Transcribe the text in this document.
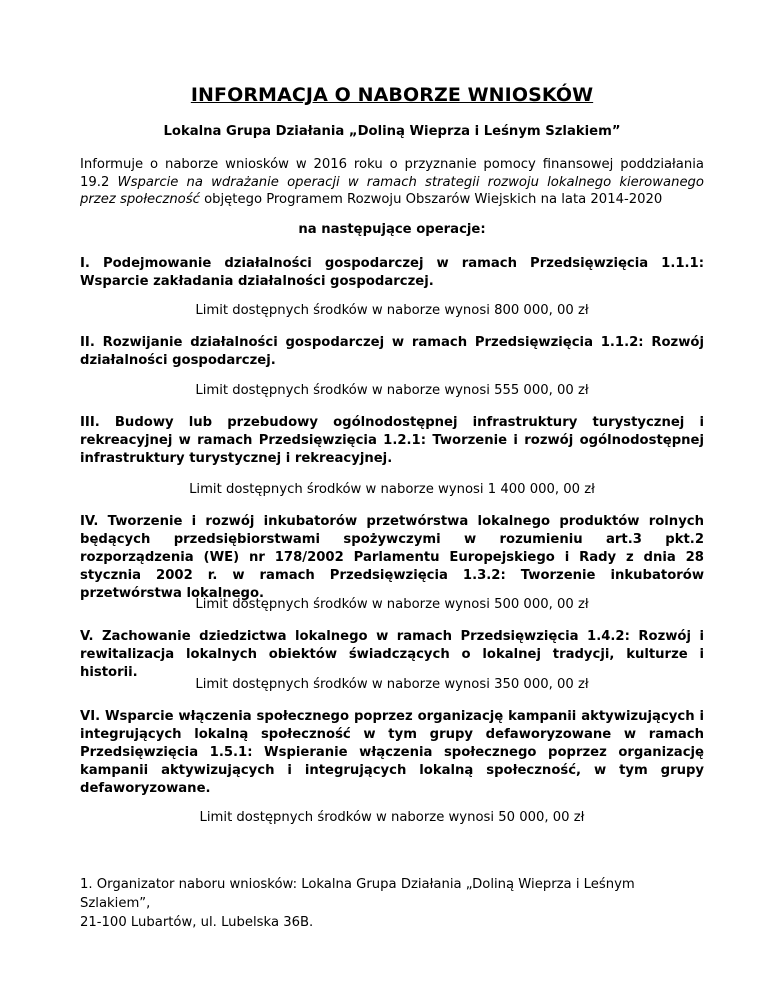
INFORMACJA O NABORZE WNIOSKÓW
Lokalna Grupa Działania „Doliną Wieprza i Leśnym Szlakiem”
Informuje o naborze wniosków w 2016 roku o przyznanie pomocy finansowej poddziałania 19.2 Wsparcie na wdrażanie operacji w ramach strategii rozwoju lokalnego kierowanego przez społeczność objętego Programem Rozwoju Obszarów Wiejskich na lata 2014-2020
na następujące operacje:
I. Podejmowanie działalności gospodarczej w ramach Przedsięwzięcia 1.1.1: Wsparcie zakładania działalności gospodarczej.
Limit dostępnych środków w naborze wynosi 800 000, 00 zł
II. Rozwijanie działalności gospodarczej w ramach Przedsięwzięcia 1.1.2: Rozwój działalności gospodarczej.
Limit dostępnych środków w naborze wynosi 555 000, 00 zł
III. Budowy lub przebudowy ogólnodostępnej infrastruktury turystycznej i rekreacyjnej w ramach Przedsięwzięcia 1.2.1: Tworzenie i rozwój ogólnodostępnej infrastruktury turystycznej i rekreacyjnej.
Limit dostępnych środków w naborze wynosi 1 400 000, 00 zł
IV. Tworzenie i rozwój inkubatorów przetwórstwa lokalnego produktów rolnych będących przedsiębiorstwami spożywczymi w rozumieniu art.3 pkt.2 rozporządzenia (WE) nr 178/2002 Parlamentu Europejskiego i Rady z dnia 28 stycznia 2002 r. w ramach Przedsięwzięcia 1.3.2: Tworzenie inkubatorów przetwórstwa lokalnego.
Limit dostępnych środków w naborze wynosi 500 000, 00 zł
V. Zachowanie dziedzictwa lokalnego w ramach Przedsięwzięcia 1.4.2: Rozwój i rewitalizacja lokalnych obiektów świadczących o lokalnej tradycji, kulturze i historii.
Limit dostępnych środków w naborze wynosi 350 000, 00 zł
VI. Wsparcie włączenia społecznego poprzez organizację kampanii aktywizujących i integrujących lokalną społeczność w tym grupy defaworyzowane w ramach Przedsięwzięcia 1.5.1: Wspieranie włączenia społecznego poprzez organizację kampanii aktywizujących i integrujących lokalną społeczność, w tym grupy defaworyzowane.
Limit dostępnych środków w naborze wynosi 50 000, 00 zł
1. Organizator naboru wniosków: Lokalna Grupa Działania „Doliną Wieprza i Leśnym Szlakiem”,
21-100 Lubartów, ul. Lubelska 36B.
